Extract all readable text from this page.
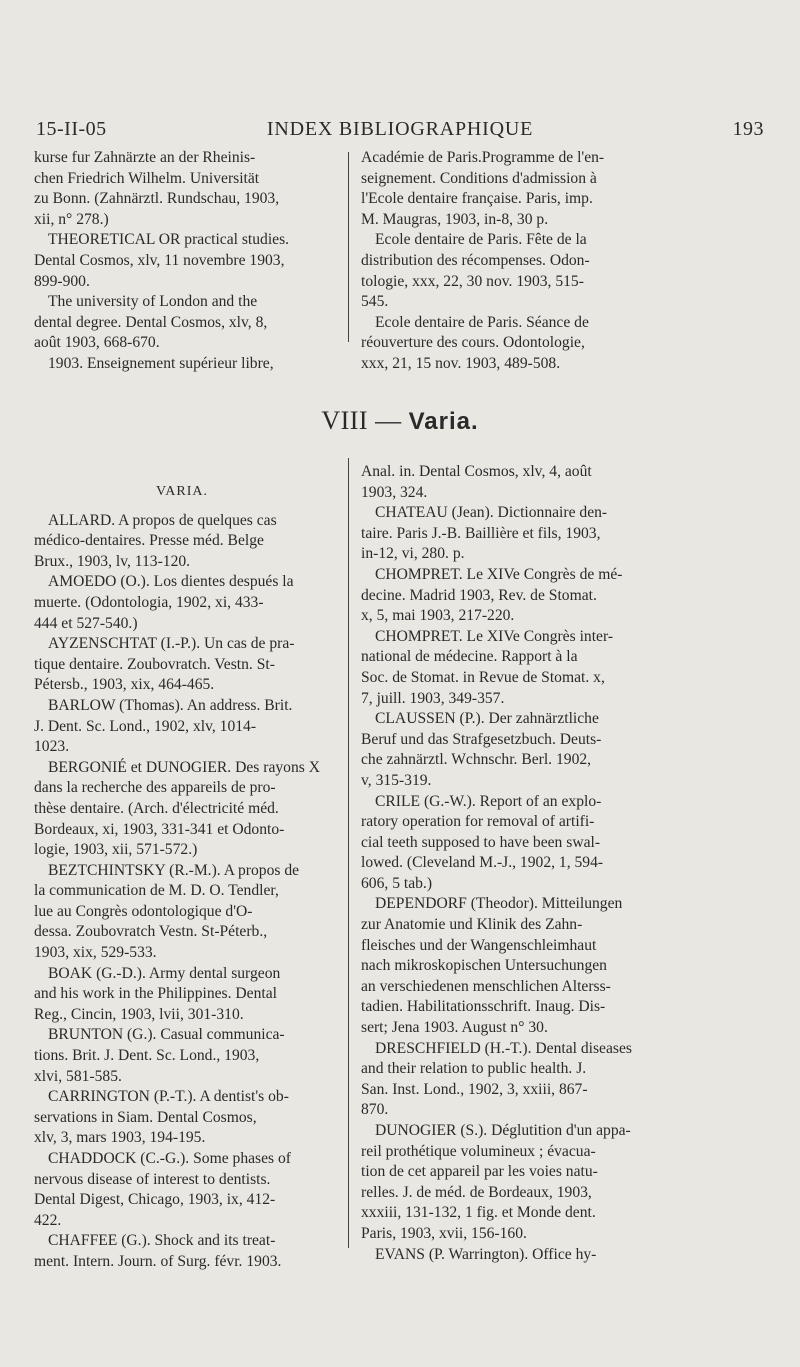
15-II-05	INDEX BIBLIOGRAPHIQUE	193
kurse fur Zahnärzte an der Rheinis-
chen Friedrich Wilhelm. Universität
zu Bonn. (Zahnärztl. Rundschau, 1903,
xii, n° 278.)
THEORETICAL OR practical studies.
Dental Cosmos, xlv, 11 novembre 1903,
899-900.
The university of London and the
dental degree. Dental Cosmos, xlv, 8,
août 1903, 668-670.
1903. Enseignement supérieur libre,
Académie de Paris.Programme de l'en-
seignement. Conditions d'admission à
l'Ecole dentaire française. Paris, imp.
M. Maugras, 1903, in-8, 30 p.
Ecole dentaire de Paris. Fête de la
distribution des récompenses. Odon-
tologie, xxx, 22, 30 nov. 1903, 515-
545.
Ecole dentaire de Paris. Séance de
réouverture des cours. Odontologie,
xxx, 21, 15 nov. 1903, 489-508.
VIII — Varia.
VARIA.
ALLARD. A propos de quelques cas
médico-dentaires. Presse méd. Belge
Brux., 1903, lv, 113-120.
AMOEDO (O.). Los dientes después la
muerte. (Odontologia, 1902, xi, 433-
444 et 527-540.)
AYZENSCHTAT (I.-P.). Un cas de pra-
tique dentaire. Zoubovratch. Vestn. St-
Pétersb., 1903, xix, 464-465.
BARLOW (Thomas). An address. Brit.
J. Dent. Sc. Lond., 1902, xlv, 1014-
1023.
BERGONIÉ et DUNOGIER. Des rayons X
dans la recherche des appareils de pro-
thèse dentaire. (Arch. d'électricité méd.
Bordeaux, xi, 1903, 331-341 et Odonto-
logie, 1903, xii, 571-572.)
BEZTCHINTSKY (R.-M.). A propos de
la communication de M. D. O. Tendler,
lue au Congrès odontologique d'O-
dessa. Zoubovratch Vestn. St-Péterb.,
1903, xix, 529-533.
BOAK (G.-D.). Army dental surgeon
and his work in the Philippines. Dental
Reg., Cincin, 1903, lvii, 301-310.
BRUNTON (G.). Casual communica-
tions. Brit. J. Dent. Sc. Lond., 1903,
xlvi, 581-585.
CARRINGTON (P.-T.). A dentist's ob-
servations in Siam. Dental Cosmos,
xlv, 3, mars 1903, 194-195.
CHADDOCK (C.-G.). Some phases of
nervous disease of interest to dentists.
Dental Digest, Chicago, 1903, ix, 412-
422.
CHAFFEE (G.). Shock and its treat-
ment. Intern. Journ. of Surg. févr. 1903.
Anal. in. Dental Cosmos, xlv, 4, août
1903, 324.
CHATEAU (Jean). Dictionnaire den-
taire. Paris J.-B. Baillière et fils, 1903,
in-12, vi, 280. p.
CHOMPRET. Le XIVe Congrès de mé-
decine. Madrid 1903, Rev. de Stomat.
x, 5, mai 1903, 217-220.
CHOMPRET. Le XIVe Congrès inter-
national de médecine. Rapport à la
Soc. de Stomat. in Revue de Stomat. x,
7, juill. 1903, 349-357.
CLAUSSEN (P.). Der zahnärztliche
Beruf und das Strafgesetzbuch. Deuts-
che zahnärztl. Wchnschr. Berl. 1902,
v, 315-319.
CRILE (G.-W.). Report of an explo-
ratory operation for removal of artifi-
cial teeth supposed to have been swal-
lowed. (Cleveland M.-J., 1902, 1, 594-
606, 5 tab.)
DEPENDORF (Theodor). Mitteilungen
zur Anatomie und Klinik des Zahn-
fleisches und der Wangenschleimhaut
nach mikroskopischen Untersuchungen
an verschiedenen menschlichen Alterss-
tadien. Habilitationsschrift. Inaug. Dis-
sert; Jena 1903. August n° 30.
DRESCHFIELD (H.-T.). Dental diseases
and their relation to public health. J.
San. Inst. Lond., 1902, 3, xxiii, 867-
870.
DUNOGIER (S.). Déglutition d'un appa-
reil prothétique volumineux ; évacua-
tion de cet appareil par les voies natu-
relles. J. de méd. de Bordeaux, 1903,
xxxiii, 131-132, 1 fig. et Monde dent.
Paris, 1903, xvii, 156-160.
EVANS (P. Warrington). Office hy-
